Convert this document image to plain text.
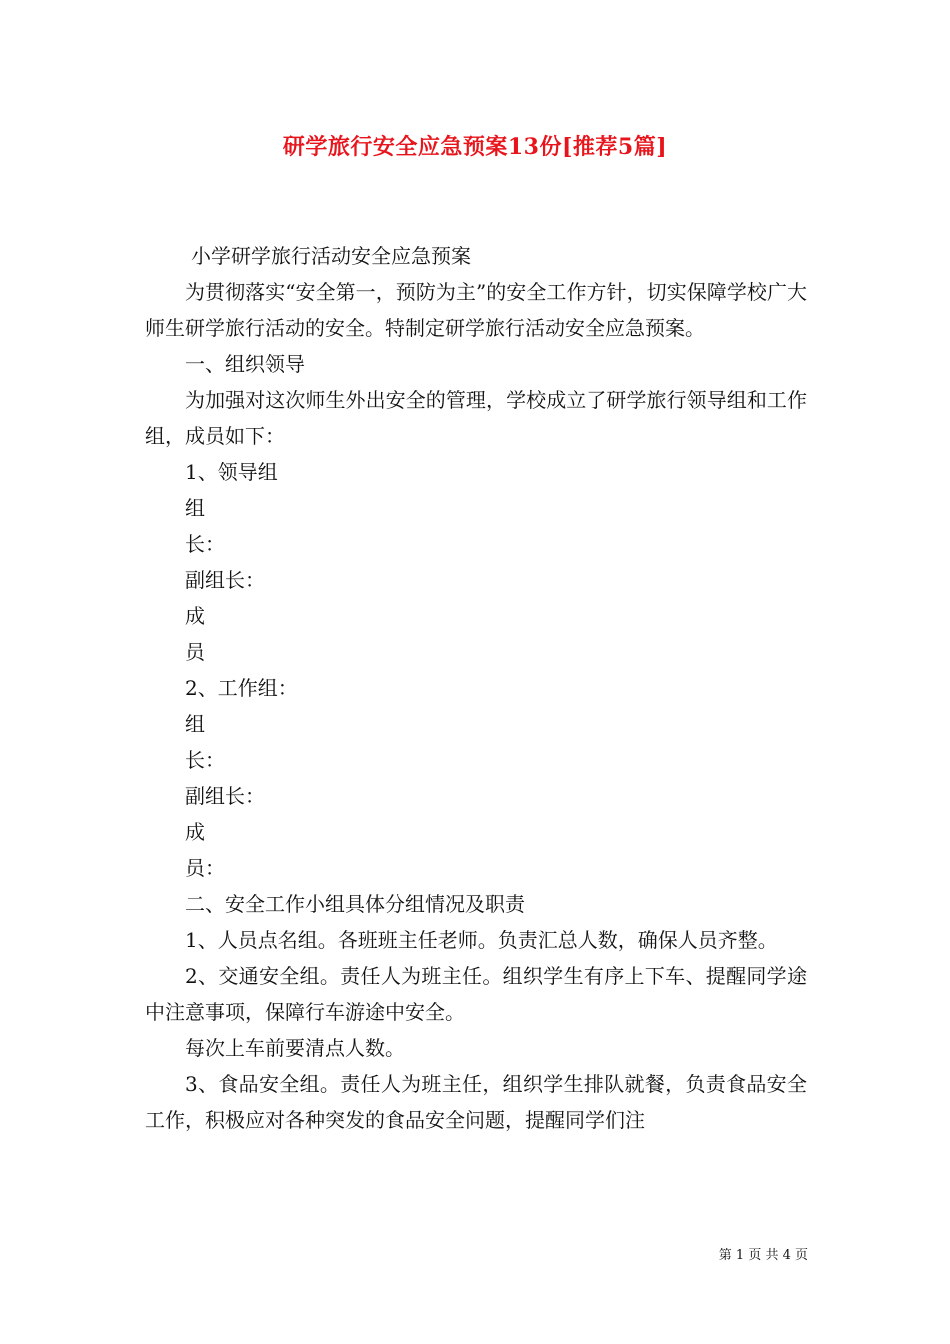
研学旅行安全应急预案13份[推荐5篇]

小学研学旅行活动安全应急预案

为贯彻落实“安全第一，预防为主”的安全工作方针，切实保障学校广大师生研学旅行活动的安全。特制定研学旅行活动安全应急预案。

一、组织领导

为加强对这次师生外出安全的管理，学校成立了研学旅行领导组和工作组，成员如下：

1、领导组

组

长：

副组长：

成

员

2、工作组：

组

长：

副组长：

成

员：

二、安全工作小组具体分组情况及职责

1、人员点名组。各班班主任老师。负责汇总人数，确保人员齐整。

2、交通安全组。责任人为班主任。组织学生有序上下车、提醒同学途中注意事项，保障行车游途中安全。

每次上车前要清点人数。

3、食品安全组。责任人为班主任，组织学生排队就餐，负责食品安全工作，积极应对各种突发的食品安全问题，提醒同学们注

第 1 页 共 4 页
